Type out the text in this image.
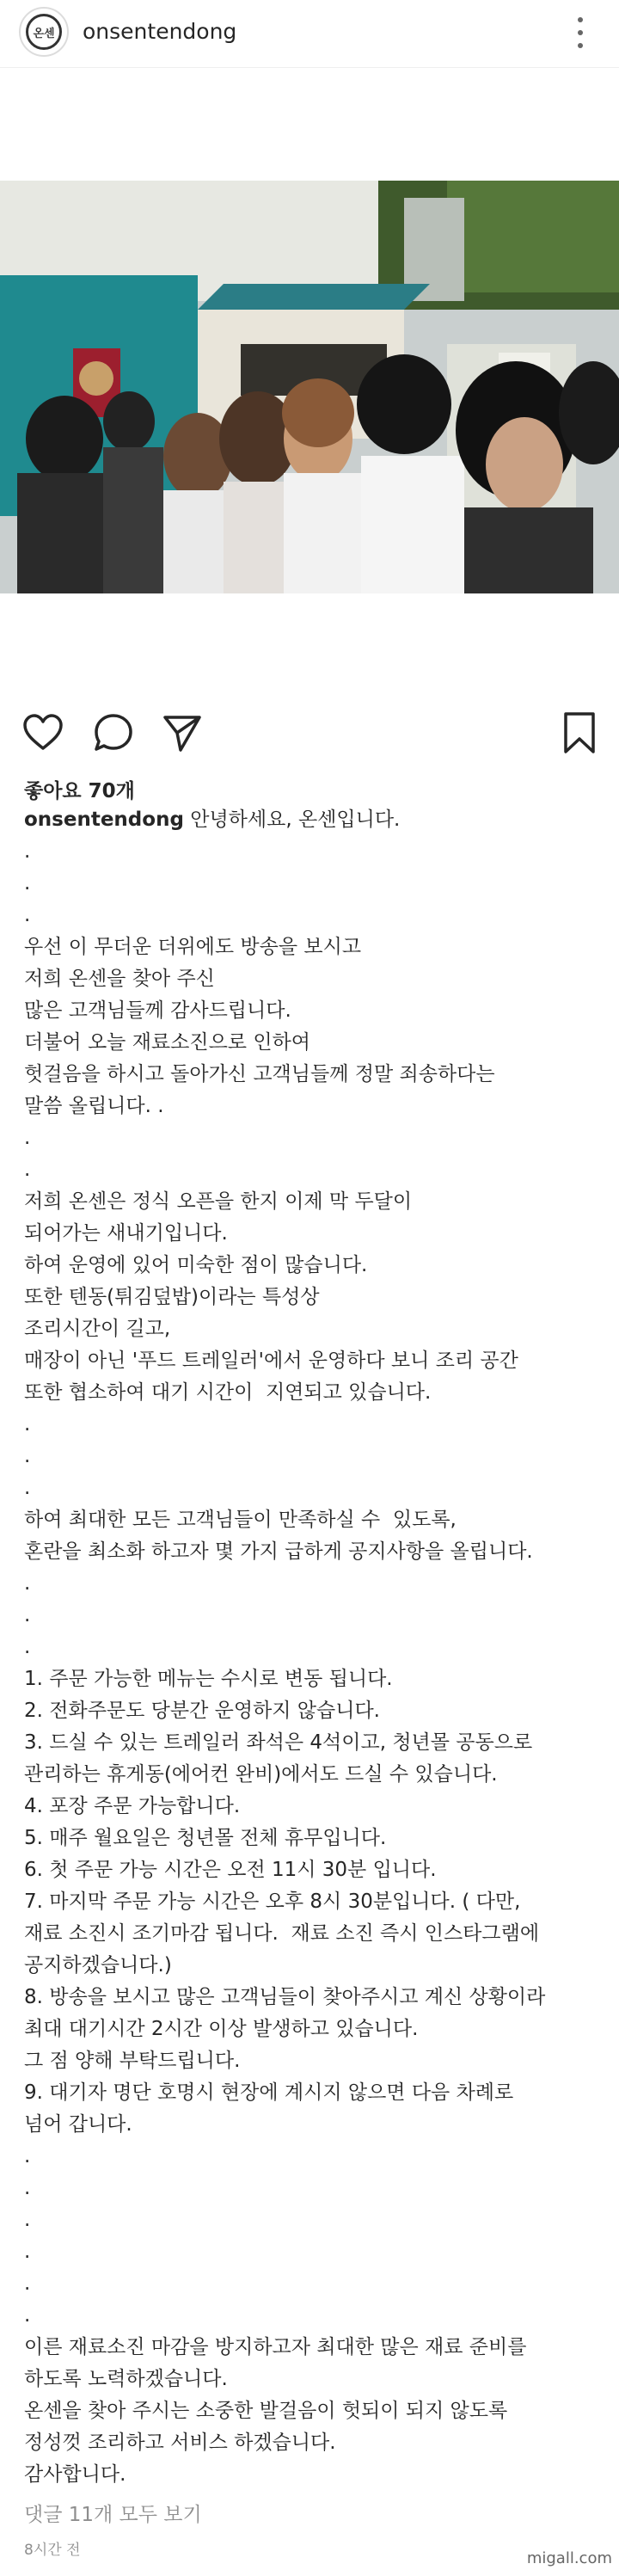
온센	onsentendong
좋아요 70개
onsentendong 안녕하세요, 온센입니다.
.
.
.
우선 이 무더운 더위에도 방송을 보시고
저희 온센을 찾아 주신
많은 고객님들께 감사드립니다.
더불어 오늘 재료소진으로 인하여
헛걸음을 하시고 돌아가신 고객님들께 정말 죄송하다는
말씀 올립니다. .
.
.
저희 온센은 정식 오픈을 한지 이제 막 두달이
되어가는 새내기입니다.
하여 운영에 있어 미숙한 점이 많습니다.
또한 텐동(튀김덮밥)이라는 특성상
조리시간이 길고,
매장이 아닌 '푸드 트레일러'에서 운영하다 보니 조리 공간
또한 협소하여 대기 시간이  지연되고 있습니다.
.
.
.
하여 최대한 모든 고객님들이 만족하실 수  있도록,
혼란을 최소화 하고자 몇 가지 급하게 공지사항을 올립니다.
.
.
.
1. 주문 가능한 메뉴는 수시로 변동 됩니다.
2. 전화주문도 당분간 운영하지 않습니다.
3. 드실 수 있는 트레일러 좌석은 4석이고, 청년몰 공동으로
관리하는 휴게동(에어컨 완비)에서도 드실 수 있습니다.
4. 포장 주문 가능합니다.
5. 매주 월요일은 청년몰 전체 휴무입니다.
6. 첫 주문 가능 시간은 오전 11시 30분 입니다.
7. 마지막 주문 가능 시간은 오후 8시 30분입니다. ( 다만,
재료 소진시 조기마감 됩니다.  재료 소진 즉시 인스타그램에
공지하겠습니다.)
8. 방송을 보시고 많은 고객님들이 찾아주시고 계신 상황이라
최대 대기시간 2시간 이상 발생하고 있습니다.
그 점 양해 부탁드립니다.
9. 대기자 명단 호명시 현장에 계시지 않으면 다음 차례로
넘어 갑니다.
.
.
.
.
.
.
이른 재료소진 마감을 방지하고자 최대한 많은 재료 준비를
하도록 노력하겠습니다.
온센을 찾아 주시는 소중한 발걸음이 헛되이 되지 않도록
정성껏 조리하고 서비스 하겠습니다.
감사합니다.
댓글 11개 모두 보기
8시간 전	migall.com
